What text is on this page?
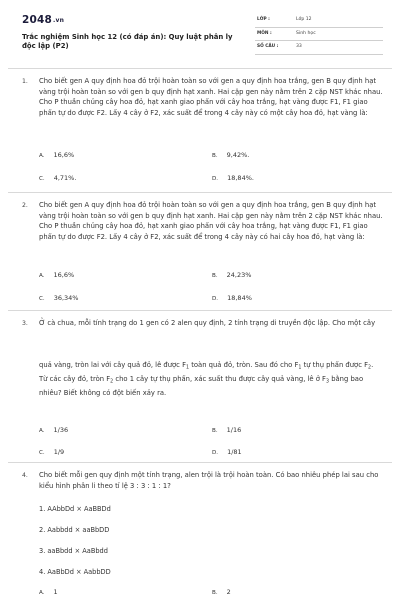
2048.vn
Trắc nghiệm Sinh học 12 (có đáp án): Quy luật phân ly độc lập (P2)
LỚP :	Lớp 12
MÔN :	Sinh học
SỐ CÂU :	33
1. Cho biết gen A quy định hoa đỏ trội hoàn toàn so với gen a quy định hoa trắng, gen B quy định hạt vàng trội hoàn toàn so với gen b quy định hạt xanh. Hai cặp gen này nằm trên 2 cặp NST khác nhau. Cho P thuần chủng cây hoa đỏ, hạt xanh giao phấn với cây hoa trắng, hạt vàng được F1, F1 giao phấn tự do được F2. Lấy 4 cây ở F2, xác suất để trong 4 cây này có một cây hoa đỏ, hạt vàng là:
A. 16,6%	B. 9,42%.
C. 4,71%.	D. 18,84%.
2. Cho biết gen A quy định hoa đỏ trội hoàn toàn so với gen a quy định hoa trắng, gen B quy định hạt vàng trội hoàn toàn so với gen b quy định hạt xanh. Hai cặp gen này nằm trên 2 cặp NST khác nhau. Cho P thuần chủng cây hoa đỏ, hạt xanh giao phấn với cây hoa trắng, hạt vàng được F1, F1 giao phấn tự do được F2. Lấy 4 cây ở F2, xác suất để trong 4 cây này có hai cây hoa đỏ, hạt vàng là:
A. 16,6%	B. 24,23%
C. 36,34%	D. 18,84%
3. Ở cà chua, mỗi tính trạng do 1 gen có 2 alen quy định, 2 tính trạng di truyền độc lập. Cho một cây
quả vàng, tròn lai với cây quả đỏ, lê được $F_1$ toàn quả đỏ, tròn. Sau đó cho $F_1$ tự thụ phấn được $F_2$. Từ các cây đỏ, tròn $F_2$ cho 1 cây tự thụ phấn, xác suất thu được cây quả vàng, lê ở $F_3$ bằng bao nhiêu? Biết không có đột biến xảy ra.
A. 1/36	B. 1/16
C. 1/9	D. 1/81
4. Cho biết mỗi gen quy định một tính trạng, alen trội là trội hoàn toàn. Có bao nhiêu phép lai sau cho kiểu hình phân li theo tỉ lệ 3 : 3 : 1 : 1?
1. AAbbDd × AaBBDd
2. Aabbdd × aaBbDD
3. aaBbdd × AaBbdd
4. AaBbDd × AabbDD
A. 1	B. 2
